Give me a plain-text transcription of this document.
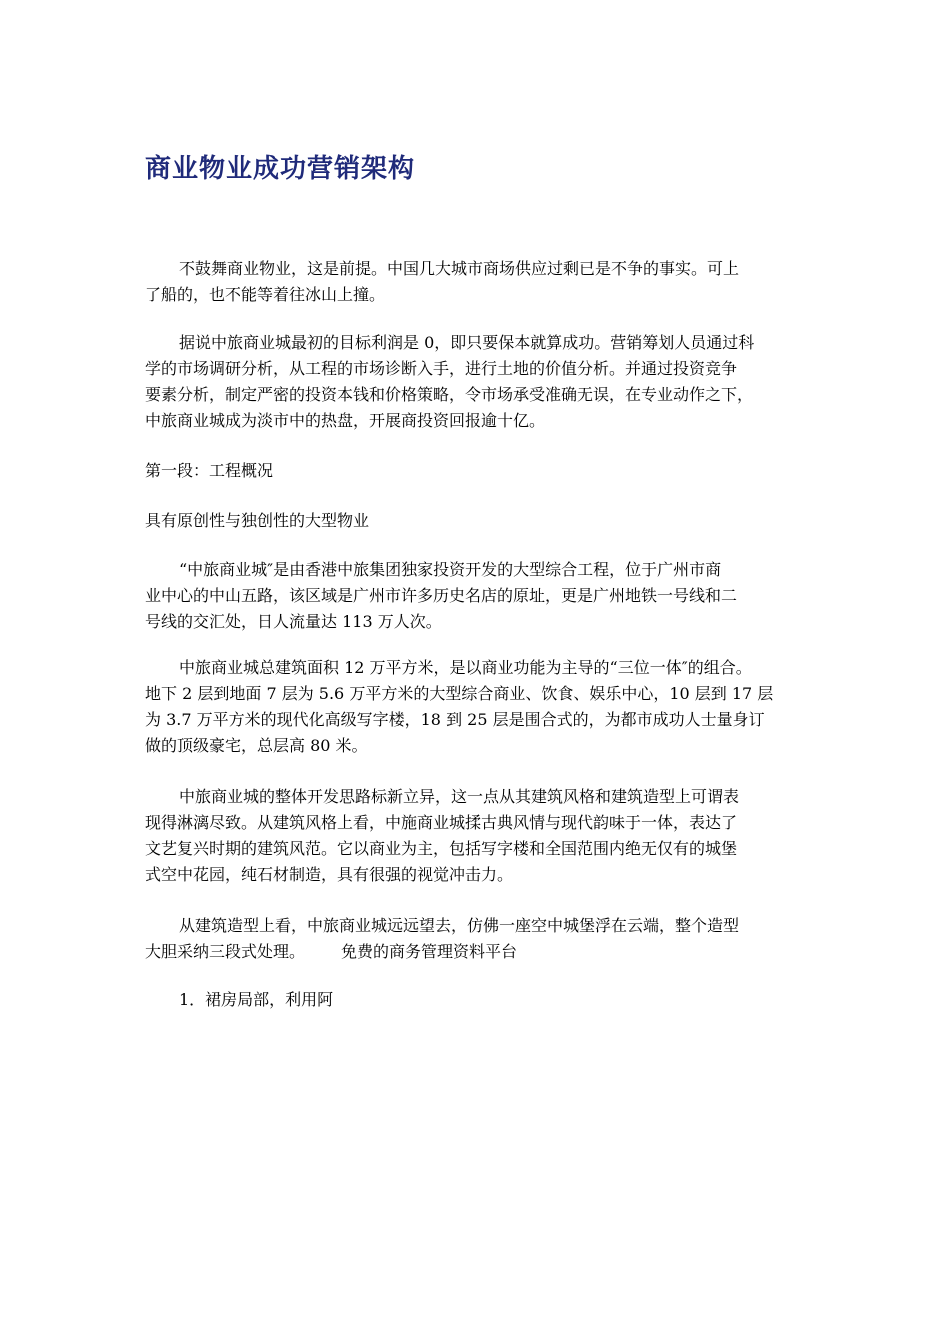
商业物业成功营销架构

不鼓舞商业物业，这是前提。中国几大城市商场供应过剩已是不争的事实。可上
了船的，也不能等着往冰山上撞。

据说中旅商业城最初的目标利润是 0，即只要保本就算成功。营销筹划人员通过科
学的市场调研分析，从工程的市场诊断入手，进行土地的价值分析。并通过投资竞争
要素分析，制定严密的投资本钱和价格策略，令市场承受准确无误，在专业动作之下，
中旅商业城成为淡市中的热盘，开展商投资回报逾十亿。

第一段：工程概况

具有原创性与独创性的大型物业

“中旅商业城″是由香港中旅集团独家投资开发的大型综合工程，位于广州市商
业中心的中山五路，该区域是广州市许多历史名店的原址，更是广州地铁一号线和二
号线的交汇处，日人流量达 113 万人次。

中旅商业城总建筑面积 12 万平方米，是以商业功能为主导的“三位一体″的组合。
地下 2 层到地面 7 层为 5.6 万平方米的大型综合商业、饮食、娱乐中心，10 层到 17 层
为 3.7 万平方米的现代化高级写字楼，18 到 25 层是围合式的，为都市成功人士量身订
做的顶级豪宅，总层高 80 米。

中旅商业城的整体开发思路标新立异，这一点从其建筑风格和建筑造型上可谓表
现得淋漓尽致。从建筑风格上看，中施商业城揉古典风情与现代韵味于一体，表达了
文艺复兴时期的建筑风范。它以商业为主，包括写字楼和全国范围内绝无仅有的城堡
式空中花园，纯石材制造，具有很强的视觉冲击力。

从建筑造型上看，中旅商业城远远望去，仿佛一座空中城堡浮在云端，整个造型
大胆采纳三段式处理。 免费的商务管理资料平台

1．裙房局部，利用阿
